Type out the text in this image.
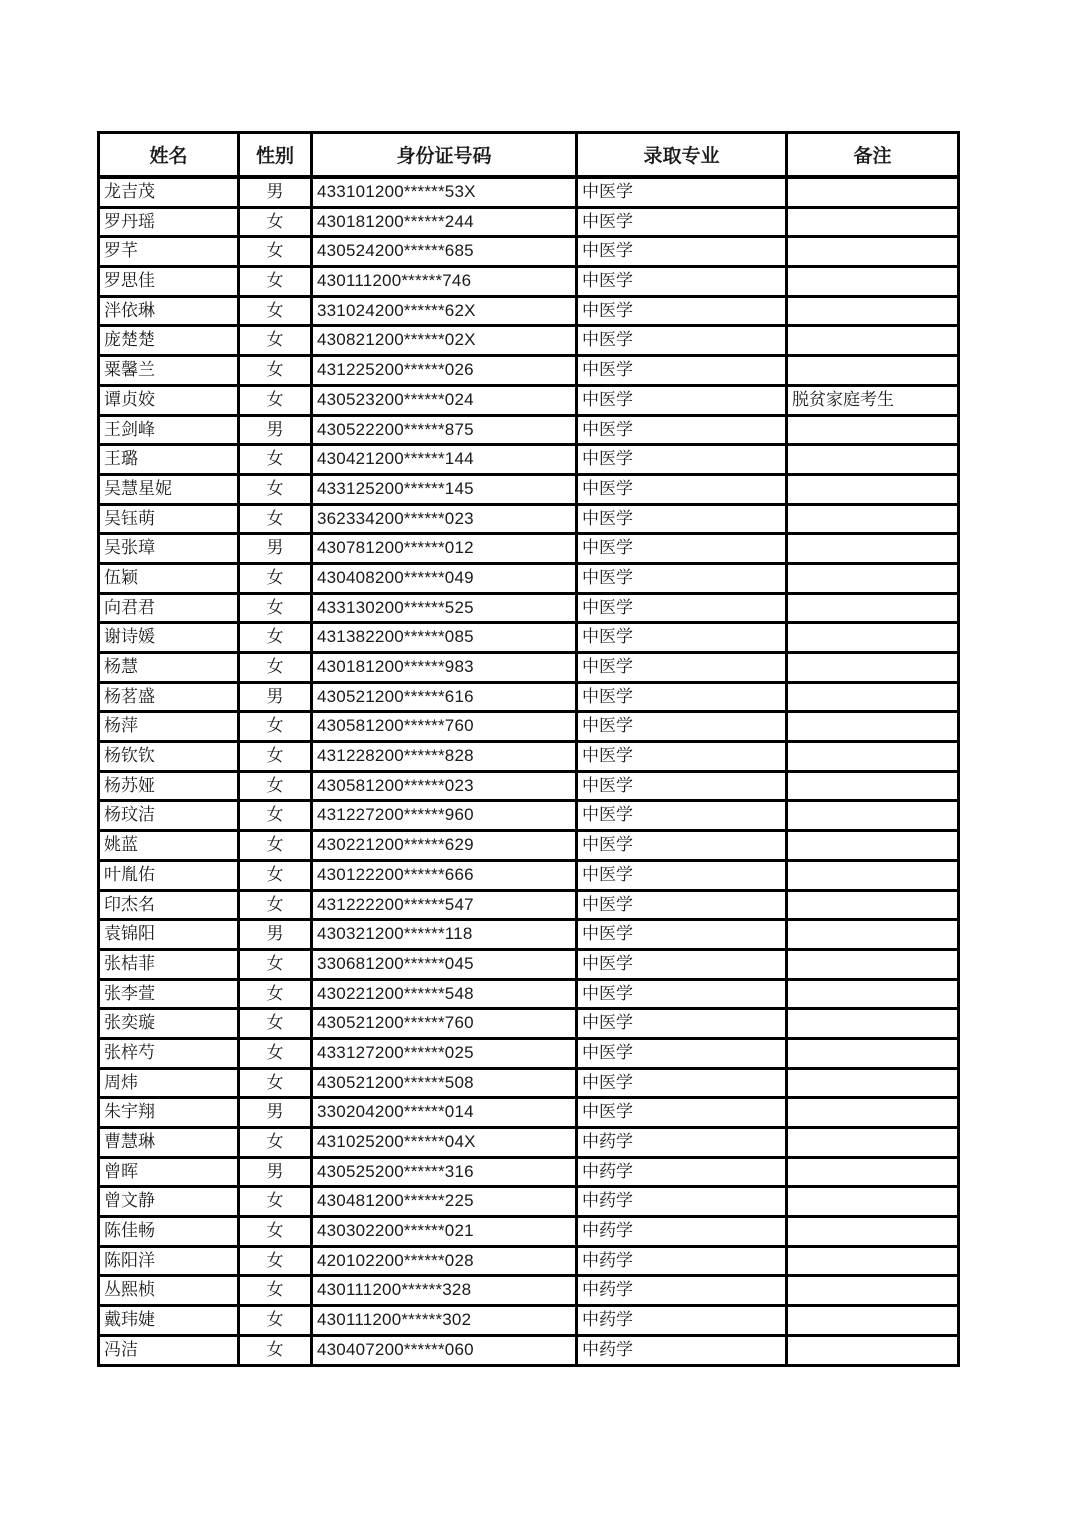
姓名	性别	身份证号码	录取专业	备注
龙吉茂	男	433101200******53X	中医学	
罗丹瑶	女	430181200******244	中医学	
罗芊	女	430524200******685	中医学	
罗思佳	女	430111200******746	中医学	
泮依琳	女	331024200******62X	中医学	
庞楚楚	女	430821200******02X	中医学	
粟馨兰	女	431225200******026	中医学	
谭贞姣	女	430523200******024	中医学	脱贫家庭考生
王剑峰	男	430522200******875	中医学	
王璐	女	430421200******144	中医学	
吴慧星妮	女	433125200******145	中医学	
吴钰萌	女	362334200******023	中医学	
吴张璋	男	430781200******012	中医学	
伍颖	女	430408200******049	中医学	
向君君	女	433130200******525	中医学	
谢诗媛	女	431382200******085	中医学	
杨慧	女	430181200******983	中医学	
杨茗盛	男	430521200******616	中医学	
杨萍	女	430581200******760	中医学	
杨钦钦	女	431228200******828	中医学	
杨苏娅	女	430581200******023	中医学	
杨玟洁	女	431227200******960	中医学	
姚蓝	女	430221200******629	中医学	
叶胤佑	女	430122200******666	中医学	
印杰名	女	431222200******547	中医学	
袁锦阳	男	430321200******118	中医学	
张桔菲	女	330681200******045	中医学	
张李萱	女	430221200******548	中医学	
张奕璇	女	430521200******760	中医学	
张梓芍	女	433127200******025	中医学	
周炜	女	430521200******508	中医学	
朱宇翔	男	330204200******014	中医学	
曹慧琳	女	431025200******04X	中药学	
曾晖	男	430525200******316	中药学	
曾文静	女	430481200******225	中药学	
陈佳畅	女	430302200******021	中药学	
陈阳洋	女	420102200******028	中药学	
丛熙桢	女	430111200******328	中药学	
戴玮婕	女	430111200******302	中药学	
冯洁	女	430407200******060	中药学	
